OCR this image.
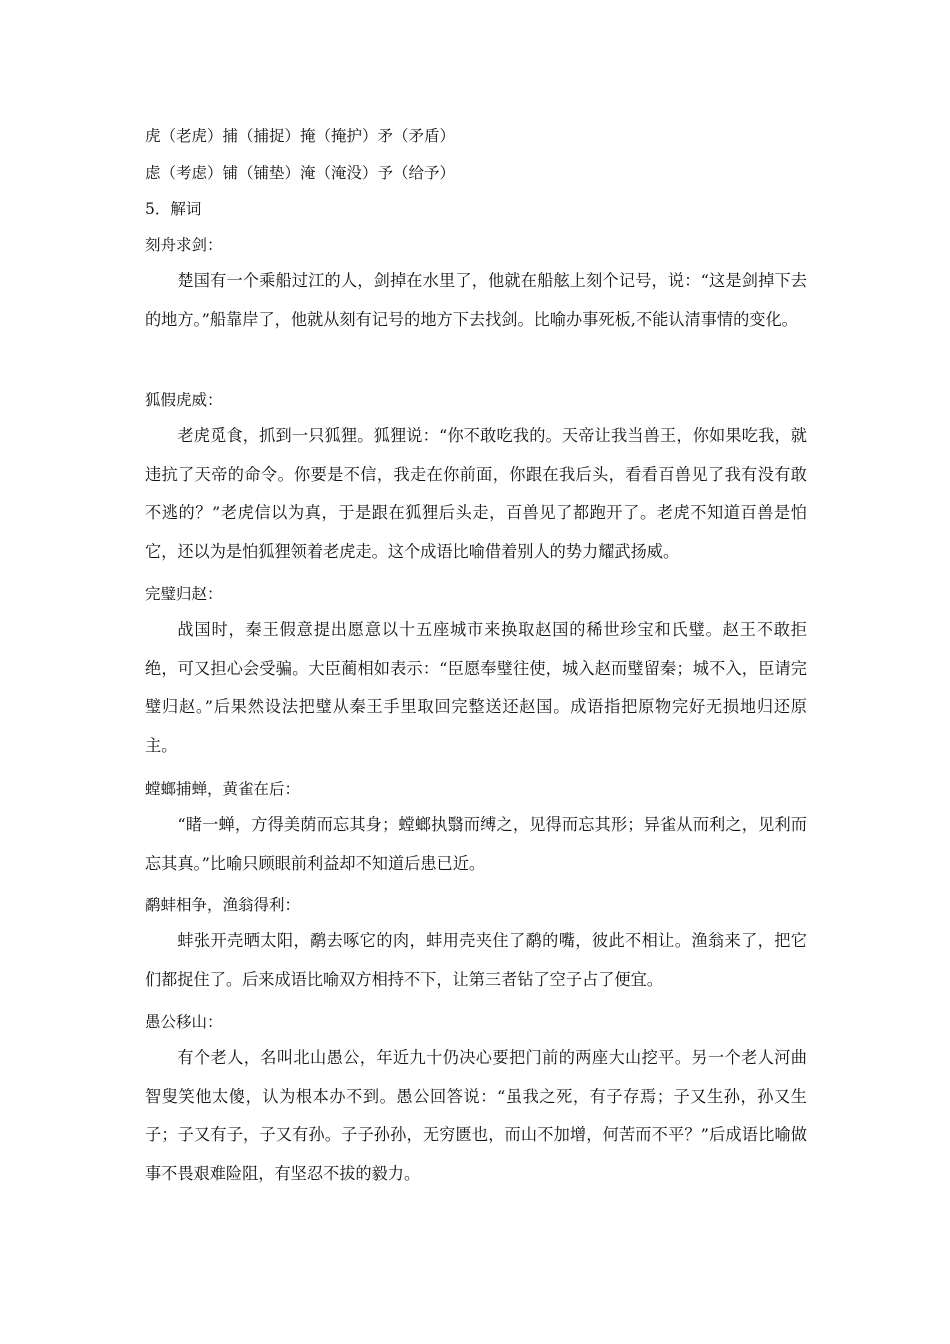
虎（老虎）捕（捕捉）掩（掩护）矛（矛盾）
虑（考虑）铺（铺垫）淹（淹没）予（给予）
5．解词
刻舟求剑：

楚国有一个乘船过江的人，剑掉在水里了，他就在船舷上刻个记号，说：“这是剑掉下去的地方。”船靠岸了，他就从刻有记号的地方下去找剑。比喻办事死板,不能认清事情的变化。

狐假虎威：

老虎觅食，抓到一只狐狸。狐狸说：“你不敢吃我的。天帝让我当兽王，你如果吃我，就违抗了天帝的命令。你要是不信，我走在你前面，你跟在我后头，看看百兽见了我有没有敢不逃的？”老虎信以为真，于是跟在狐狸后头走，百兽见了都跑开了。老虎不知道百兽是怕它，还以为是怕狐狸领着老虎走。这个成语比喻借着别人的势力耀武扬威。

完璧归赵：

战国时，秦王假意提出愿意以十五座城市来换取赵国的稀世珍宝和氏璧。赵王不敢拒绝，可又担心会受骗。大臣蔺相如表示：“臣愿奉璧往使，城入赵而璧留秦；城不入，臣请完璧归赵。”后果然设法把璧从秦王手里取回完整送还赵国。成语指把原物完好无损地归还原主。

螳螂捕蝉，黄雀在后：

“睹一蝉，方得美荫而忘其身；螳螂执翳而缚之，见得而忘其形；异雀从而利之，见利而忘其真。”比喻只顾眼前利益却不知道后患已近。

鹬蚌相争，渔翁得利：

蚌张开壳晒太阳，鹬去啄它的肉，蚌用壳夹住了鹬的嘴，彼此不相让。渔翁来了，把它们都捉住了。后来成语比喻双方相持不下，让第三者钻了空子占了便宜。

愚公移山：

有个老人，名叫北山愚公，年近九十仍决心要把门前的两座大山挖平。另一个老人河曲智叟笑他太傻，认为根本办不到。愚公回答说：“虽我之死，有子存焉；子又生孙，孙又生子；子又有子，子又有孙。子子孙孙，无穷匮也，而山不加增，何苦而不平？”后成语比喻做事不畏艰难险阻，有坚忍不拔的毅力。
